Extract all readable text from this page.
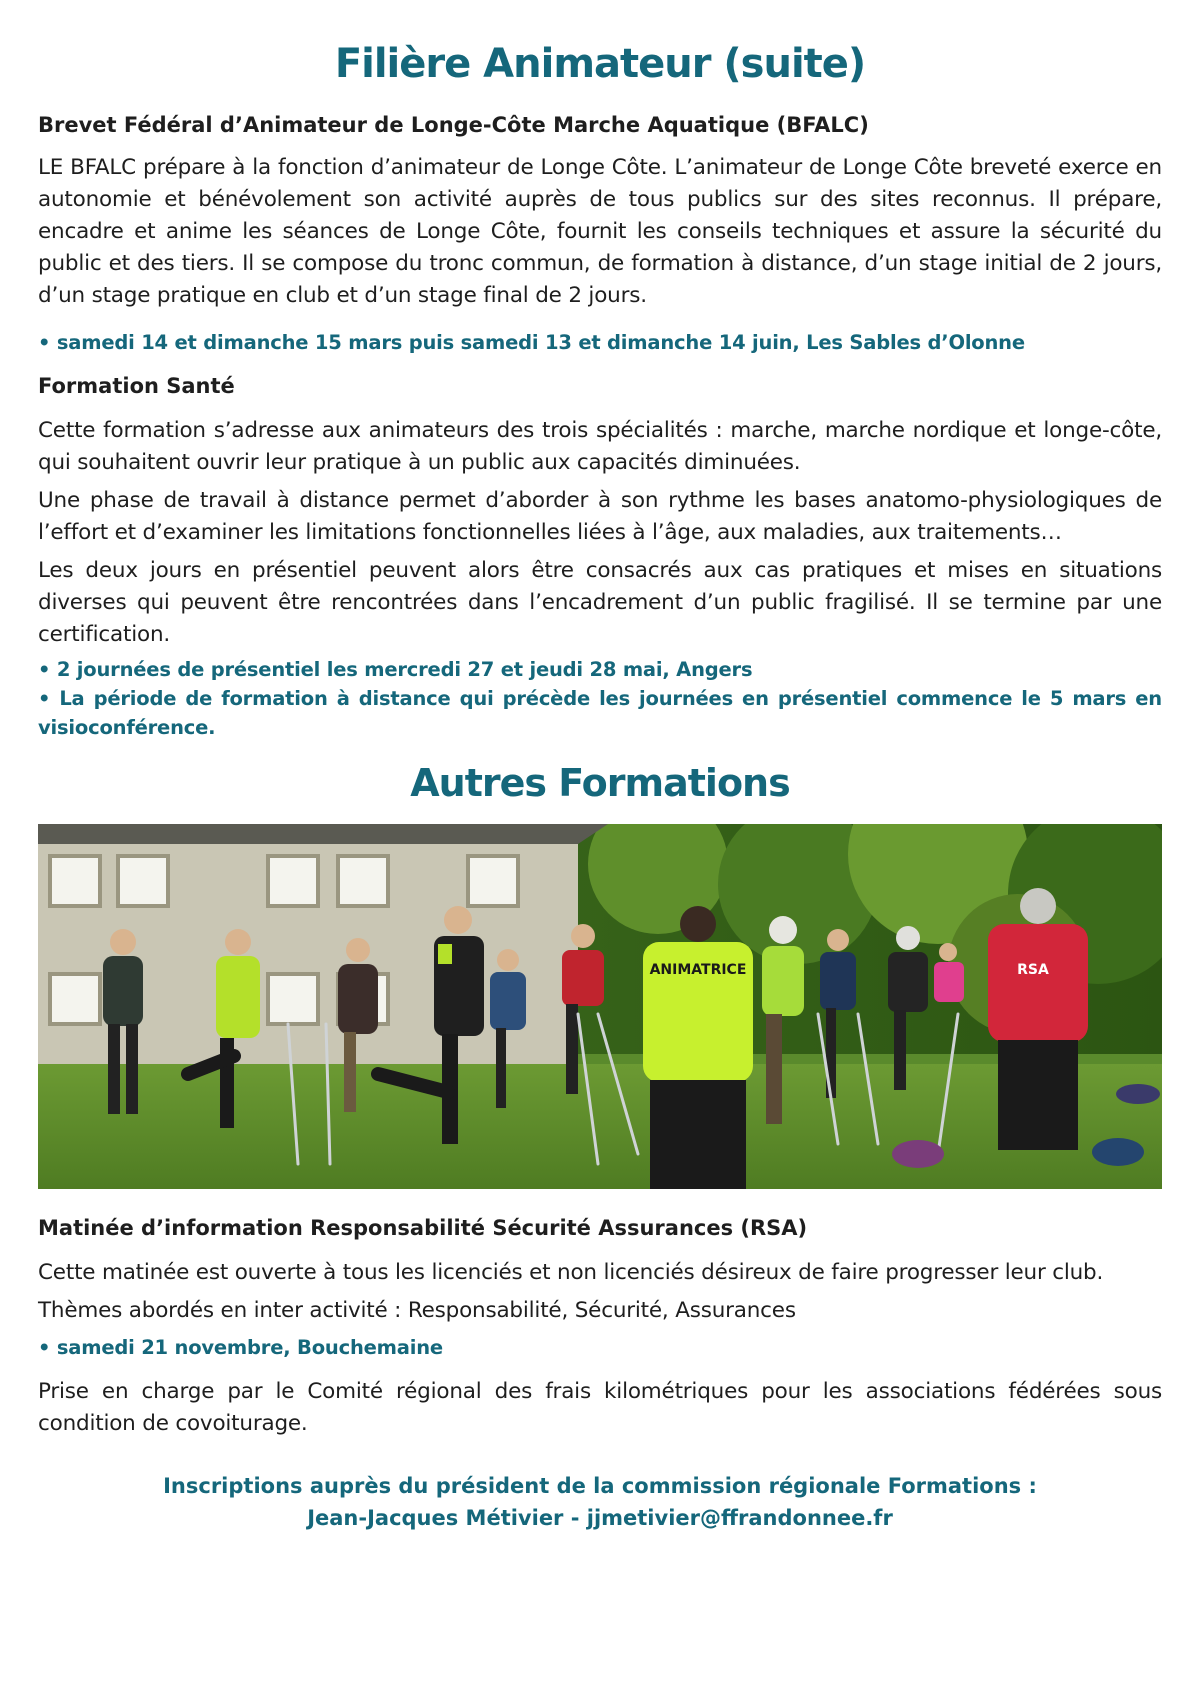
Filière Animateur (suite)
Brevet Fédéral d’Animateur de Longe-Côte Marche Aquatique (BFALC)

LE BFALC prépare à la fonction d’animateur de Longe Côte. L’animateur de Longe Côte breveté exerce en autonomie et bénévolement son activité auprès de tous publics sur des sites reconnus. Il prépare, encadre et anime les séances de Longe Côte, fournit les conseils techniques et assure la sécurité du public et des tiers. Il se compose du tronc commun, de formation à distance, d’un stage initial de 2 jours, d’un stage pratique en club et d’un stage final de 2 jours.

• samedi 14 et dimanche 15 mars puis samedi 13 et dimanche 14 juin, Les Sables d’Olonne
Formation Santé

Cette formation s’adresse aux animateurs des trois spécialités : marche, marche nordique et longe-côte, qui souhaitent ouvrir leur pratique à un public aux capacités diminuées.

Une phase de travail à distance permet d’aborder à son rythme les bases anatomo-physiologiques de l’effort et d’examiner les limitations fonctionnelles liées à l’âge, aux maladies, aux traitements…

Les deux jours en présentiel peuvent alors être consacrés aux cas pratiques et mises en situations diverses qui peuvent être rencontrées dans l’encadrement d’un public fragilisé. Il se termine par une certification.

• 2 journées de présentiel les mercredi 27 et jeudi 28 mai, Angers
• La période de formation à distance qui précède les journées en présentiel commence le 5 mars en visioconférence.
Autres Formations
ANIMATRICE	RSA
Matinée d’information Responsabilité Sécurité Assurances (RSA)

Cette matinée est ouverte à tous les licenciés et non licenciés désireux de faire progresser leur club.

Thèmes abordés en inter activité : Responsabilité, Sécurité, Assurances

• samedi 21 novembre, Bouchemaine

Prise en charge par le Comité régional des frais kilométriques pour les associations fédérées sous condition de covoiturage.

Inscriptions auprès du président de la commission régionale Formations :
Jean-Jacques Métivier - jjmetivier@ffrandonnee.fr
